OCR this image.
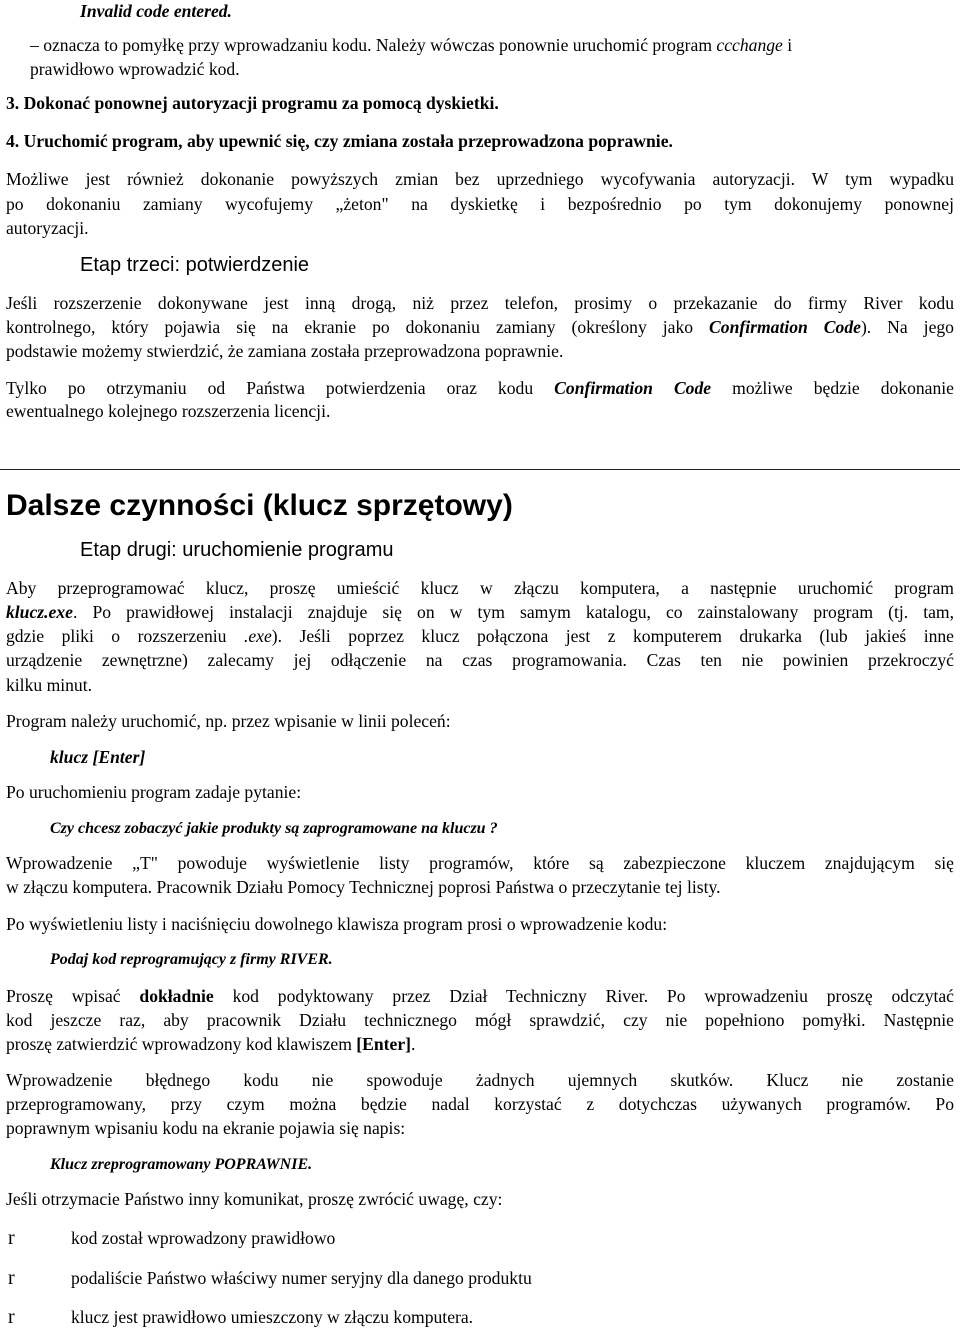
Invalid code entered.
– oznacza to pomyłkę przy wprowadzaniu kodu. Należy wówczas ponownie uruchomić program ccchange i
prawidłowo wprowadzić kod.
3. Dokonać ponownej autoryzacji programu za pomocą dyskietki.
4. Uruchomić program, aby upewnić się, czy zmiana została przeprowadzona poprawnie.
Możliwe jest również dokonanie powyższych zmian bez uprzedniego wycofywania autoryzacji. W tym wypadku
po dokonaniu zamiany wycofujemy „żeton" na dyskietkę i bezpośrednio po tym dokonujemy ponownej
autoryzacji.
Etap trzeci: potwierdzenie
Jeśli rozszerzenie dokonywane jest inną drogą, niż przez telefon, prosimy o przekazanie do firmy River kodu
kontrolnego, który pojawia się na ekranie po dokonaniu zamiany (określony jako Confirmation Code). Na jego
podstawie możemy stwierdzić, że zamiana została przeprowadzona poprawnie.
Tylko po otrzymaniu od Państwa potwierdzenia oraz kodu Confirmation Code możliwe będzie dokonanie
ewentualnego kolejnego rozszerzenia licencji.
Dalsze czynności (klucz sprzętowy)
Etap drugi: uruchomienie programu
Aby przeprogramować klucz, proszę umieścić klucz w złączu komputera, a następnie uruchomić program
klucz.exe. Po prawidłowej instalacji znajduje się on w tym samym katalogu, co zainstalowany program (tj. tam,
gdzie pliki o rozszerzeniu .exe). Jeśli poprzez klucz połączona jest z komputerem drukarka (lub jakieś inne
urządzenie zewnętrzne) zalecamy jej odłączenie na czas programowania. Czas ten nie powinien przekroczyć
kilku minut.
Program należy uruchomić, np. przez wpisanie w linii poleceń:
klucz [Enter]
Po uruchomieniu program zadaje pytanie:
Czy chcesz zobaczyć jakie produkty są zaprogramowane na kluczu ?
Wprowadzenie „T" powoduje wyświetlenie listy programów, które są zabezpieczone kluczem znajdującym się
w złączu komputera. Pracownik Działu Pomocy Technicznej poprosi Państwa o przeczytanie tej listy.
Po wyświetleniu listy i naciśnięciu dowolnego klawisza program prosi o wprowadzenie kodu:
Podaj kod reprogramujący z firmy RIVER.
Proszę wpisać dokładnie kod podyktowany przez Dział Techniczny River. Po wprowadzeniu proszę odczytać
kod jeszcze raz, aby pracownik Działu technicznego mógł sprawdzić, czy nie popełniono pomyłki. Następnie
proszę zatwierdzić wprowadzony kod klawiszem [Enter].
Wprowadzenie błędnego kodu nie spowoduje żadnych ujemnych skutków. Klucz nie zostanie
przeprogramowany, przy czym można będzie nadal korzystać z dotychczas używanych programów. Po
poprawnym wpisaniu kodu na ekranie pojawia się napis:
Klucz zreprogramowany POPRAWNIE.
Jeśli otrzymacie Państwo inny komunikat, proszę zwrócić uwagę, czy:
r	kod został wprowadzony prawidłowo
r	podaliście Państwo właściwy numer seryjny dla danego produktu
r	klucz jest prawidłowo umieszczony w złączu komputera.
